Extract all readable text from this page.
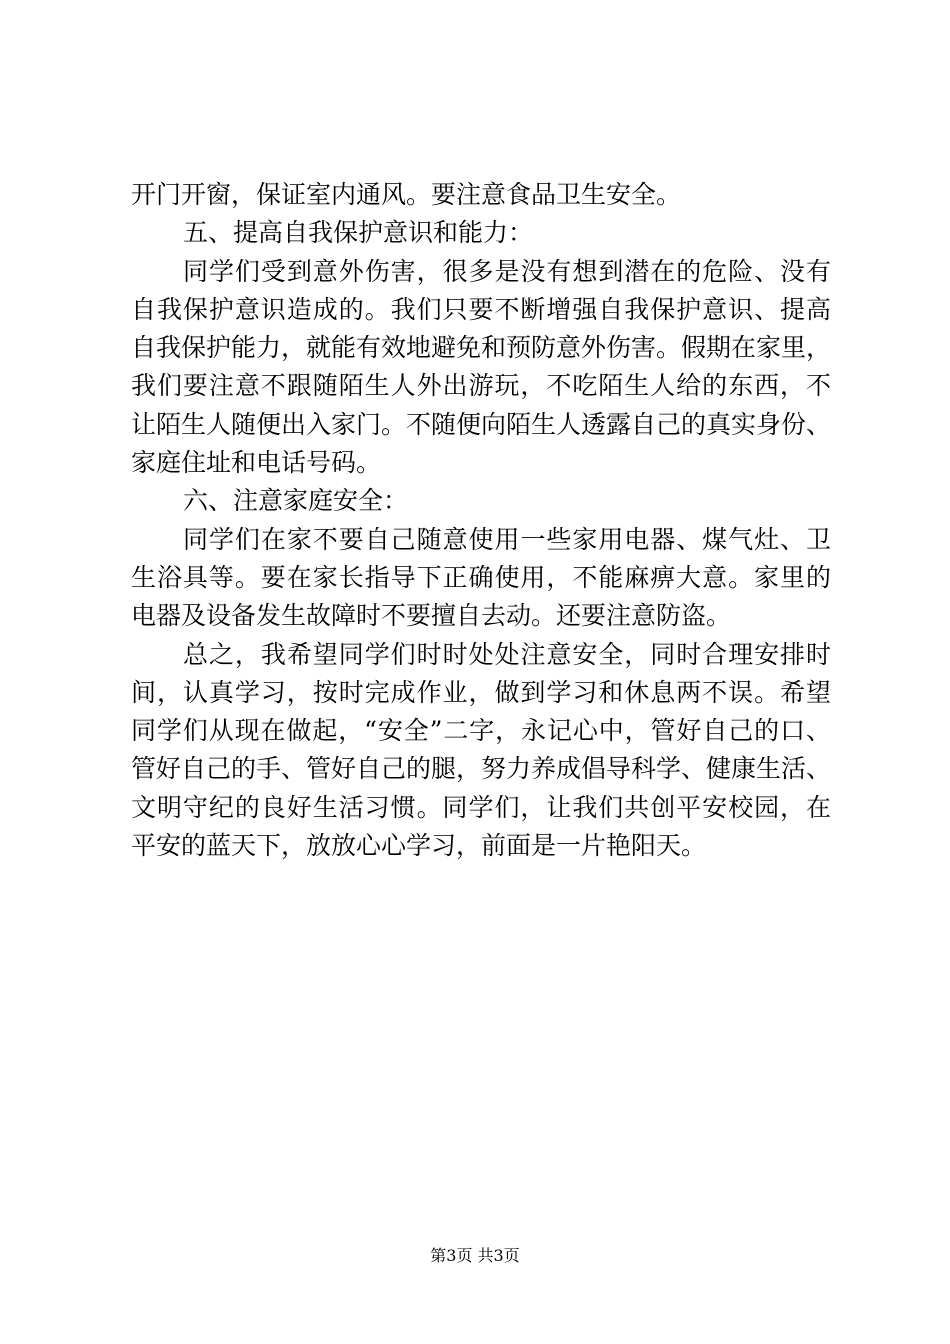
开门开窗，保证室内通风。要注意食品卫生安全。
五、提高自我保护意识和能力：
同学们受到意外伤害，很多是没有想到潜在的危险、没有
自我保护意识造成的。我们只要不断增强自我保护意识、提高
自我保护能力，就能有效地避免和预防意外伤害。假期在家里，
我们要注意不跟随陌生人外出游玩，不吃陌生人给的东西，不
让陌生人随便出入家门。不随便向陌生人透露自己的真实身份、
家庭住址和电话号码。
六、注意家庭安全：
同学们在家不要自己随意使用一些家用电器、煤气灶、卫
生浴具等。要在家长指导下正确使用，不能麻痹大意。家里的
电器及设备发生故障时不要擅自去动。还要注意防盗。
总之，我希望同学们时时处处注意安全，同时合理安排时
间，认真学习，按时完成作业，做到学习和休息两不误。希望
同学们从现在做起，“安全”二字，永记心中，管好自己的口、
管好自己的手、管好自己的腿，努力养成倡导科学、健康生活、
文明守纪的良好生活习惯。同学们，让我们共创平安校园，在
平安的蓝天下，放放心心学习，前面是一片艳阳天。
第3页 共3页
